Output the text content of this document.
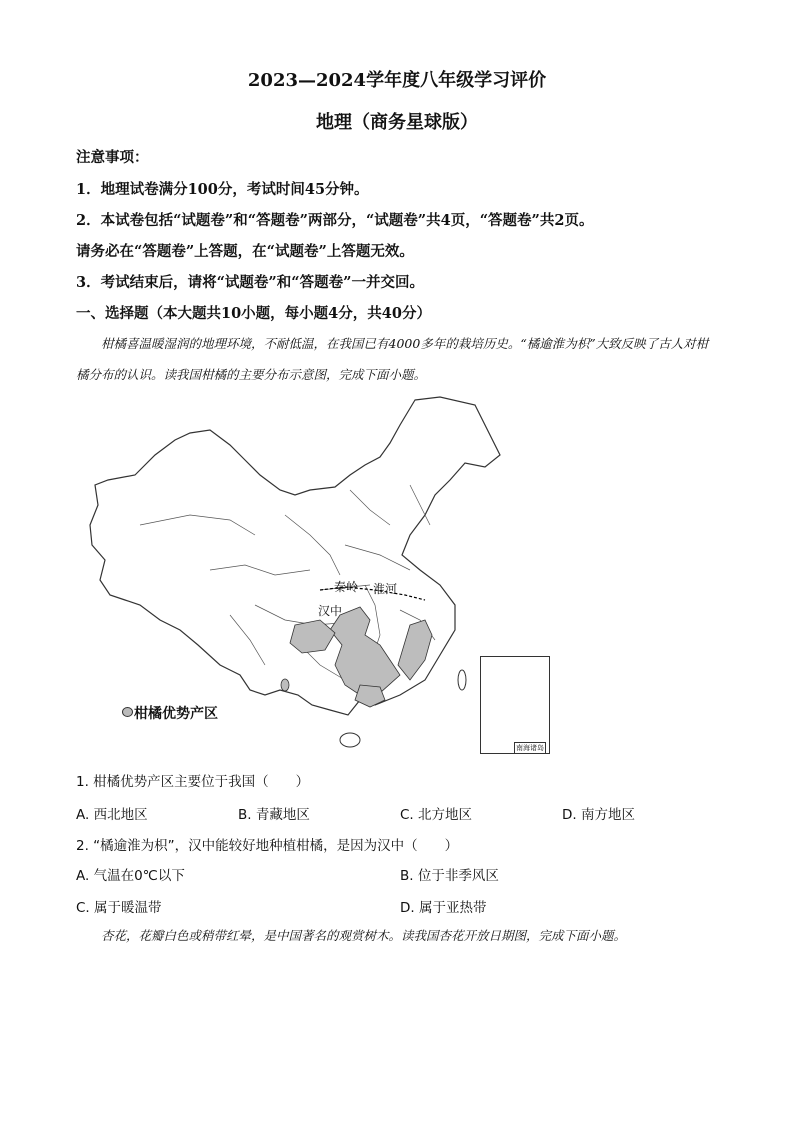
2023—2024学年度八年级学习评价
地理（商务星球版）
注意事项：
1．地理试卷满分100分，考试时间45分钟。
2．本试卷包括“试题卷”和“答题卷”两部分，“试题卷”共4页，“答题卷”共2页。
请务必在“答题卷”上答题，在“试题卷”上答题无效。
3．考试结束后，请将“试题卷”和“答题卷”一并交回。
一、选择题（本大题共10小题，每小题4分，共40分）
柑橘喜温暖湿润的地理环境，不耐低温，在我国已有4000多年的栽培历史。“橘逾淮为枳”大致反映了古人对柑橘分布的认识。读我国柑橘的主要分布示意图，完成下面小题。
南海诸岛
秦岭 淮河
汉中
柑橘优势产区
1. 柑橘优势产区主要位于我国（　　）
A. 西北地区	B. 青藏地区	C. 北方地区	D. 南方地区
2. “橘逾淮为枳”，汉中能较好地种植柑橘，是因为汉中（　　）
A. 气温在0℃以下	B. 位于非季风区
C. 属于暖温带	D. 属于亚热带
杏花，花瓣白色或稍带红晕，是中国著名的观赏树木。读我国杏花开放日期图，完成下面小题。
